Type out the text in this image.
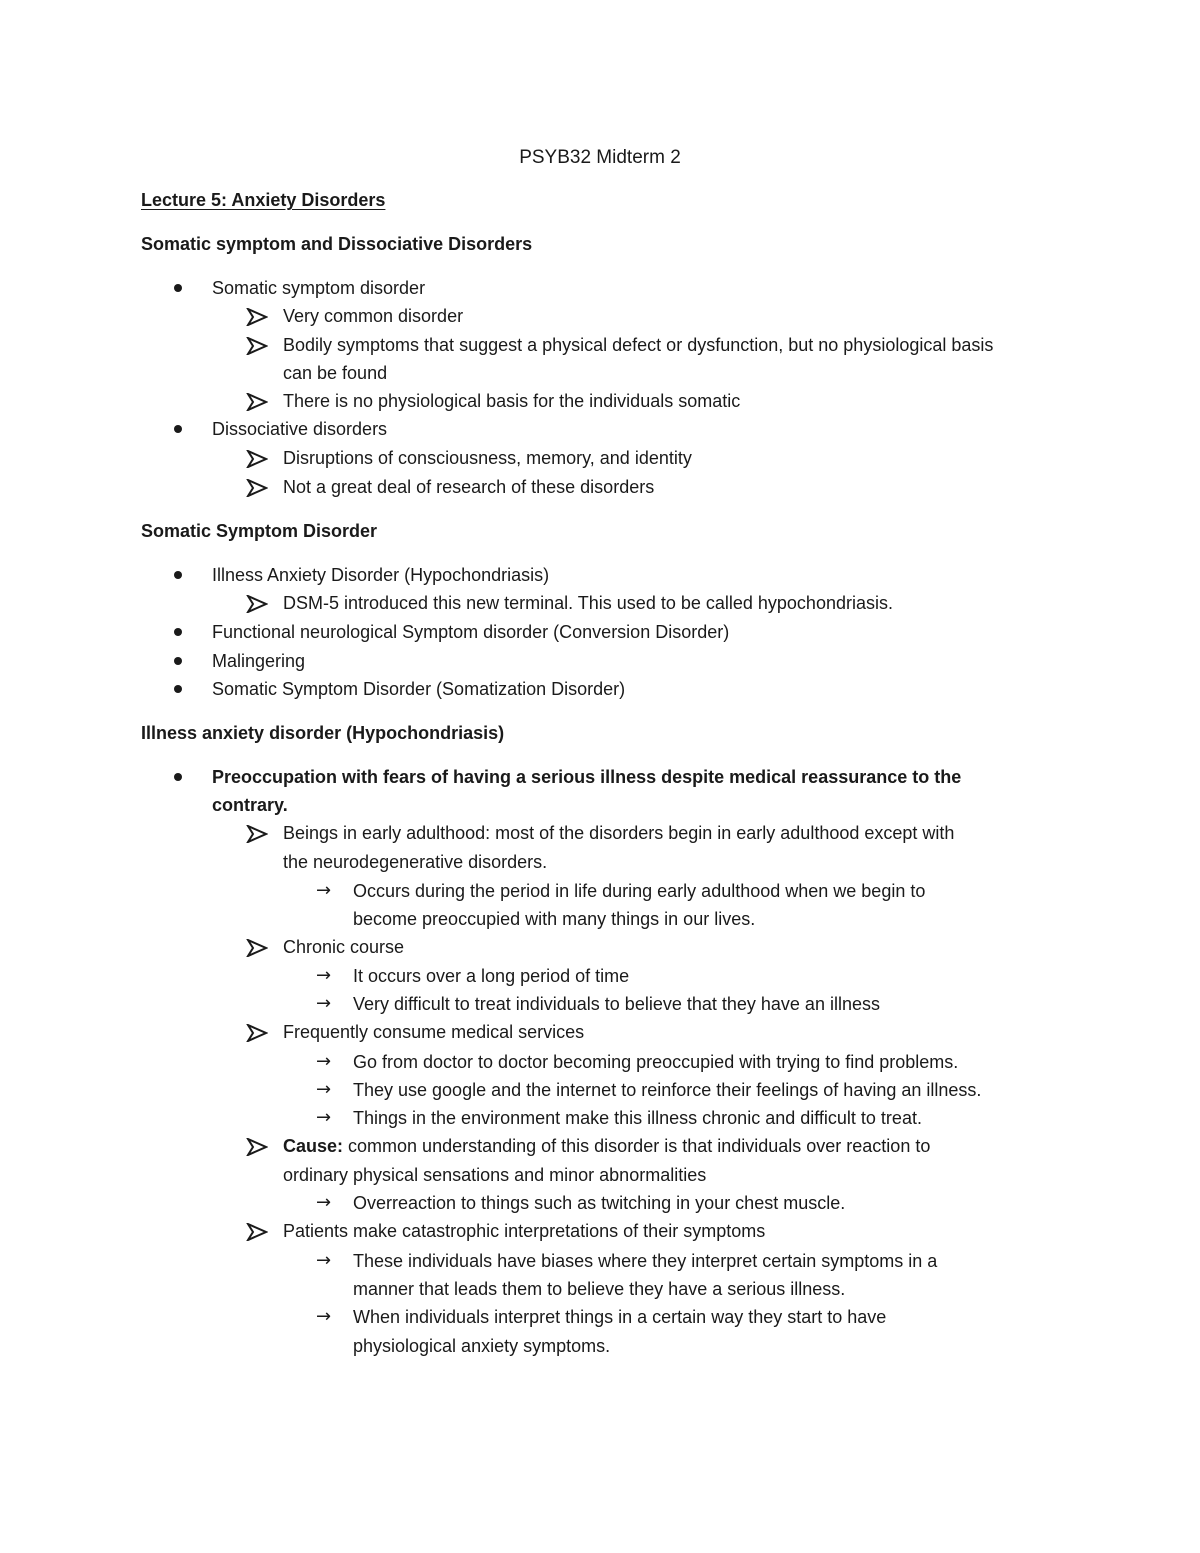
PSYB32 Midterm 2
Lecture 5: Anxiety Disorders
Somatic symptom and Dissociative Disorders
Somatic symptom disorder
Very common disorder
Bodily symptoms that suggest a physical defect or dysfunction, but no physiological basis
can be found
There is no physiological basis for the individuals somatic
Dissociative disorders
Disruptions of consciousness, memory, and identity
Not a great deal of research of these disorders
Somatic Symptom Disorder
Illness Anxiety Disorder (Hypochondriasis)
DSM-5 introduced this new terminal. This used to be called hypochondriasis.
Functional neurological Symptom disorder (Conversion Disorder)
Malingering
Somatic Symptom Disorder (Somatization Disorder)
Illness anxiety disorder (Hypochondriasis)
Preoccupation with fears of having a serious illness despite medical reassurance to the
contrary.
Beings in early adulthood: most of the disorders begin in early adulthood except with
the neurodegenerative disorders.
→ Occurs during the period in life during early adulthood when we begin to
become preoccupied with many things in our lives.
Chronic course
→ It occurs over a long period of time
→ Very difficult to treat individuals to believe that they have an illness
Frequently consume medical services
→ Go from doctor to doctor becoming preoccupied with trying to find problems.
→ They use google and the internet to reinforce their feelings of having an illness.
→ Things in the environment make this illness chronic and difficult to treat.
Cause: common understanding of this disorder is that individuals over reaction to
ordinary physical sensations and minor abnormalities
→ Overreaction to things such as twitching in your chest muscle.
Patients make catastrophic interpretations of their symptoms
→ These individuals have biases where they interpret certain symptoms in a
manner that leads them to believe they have a serious illness.
→ When individuals interpret things in a certain way they start to have
physiological anxiety symptoms.
